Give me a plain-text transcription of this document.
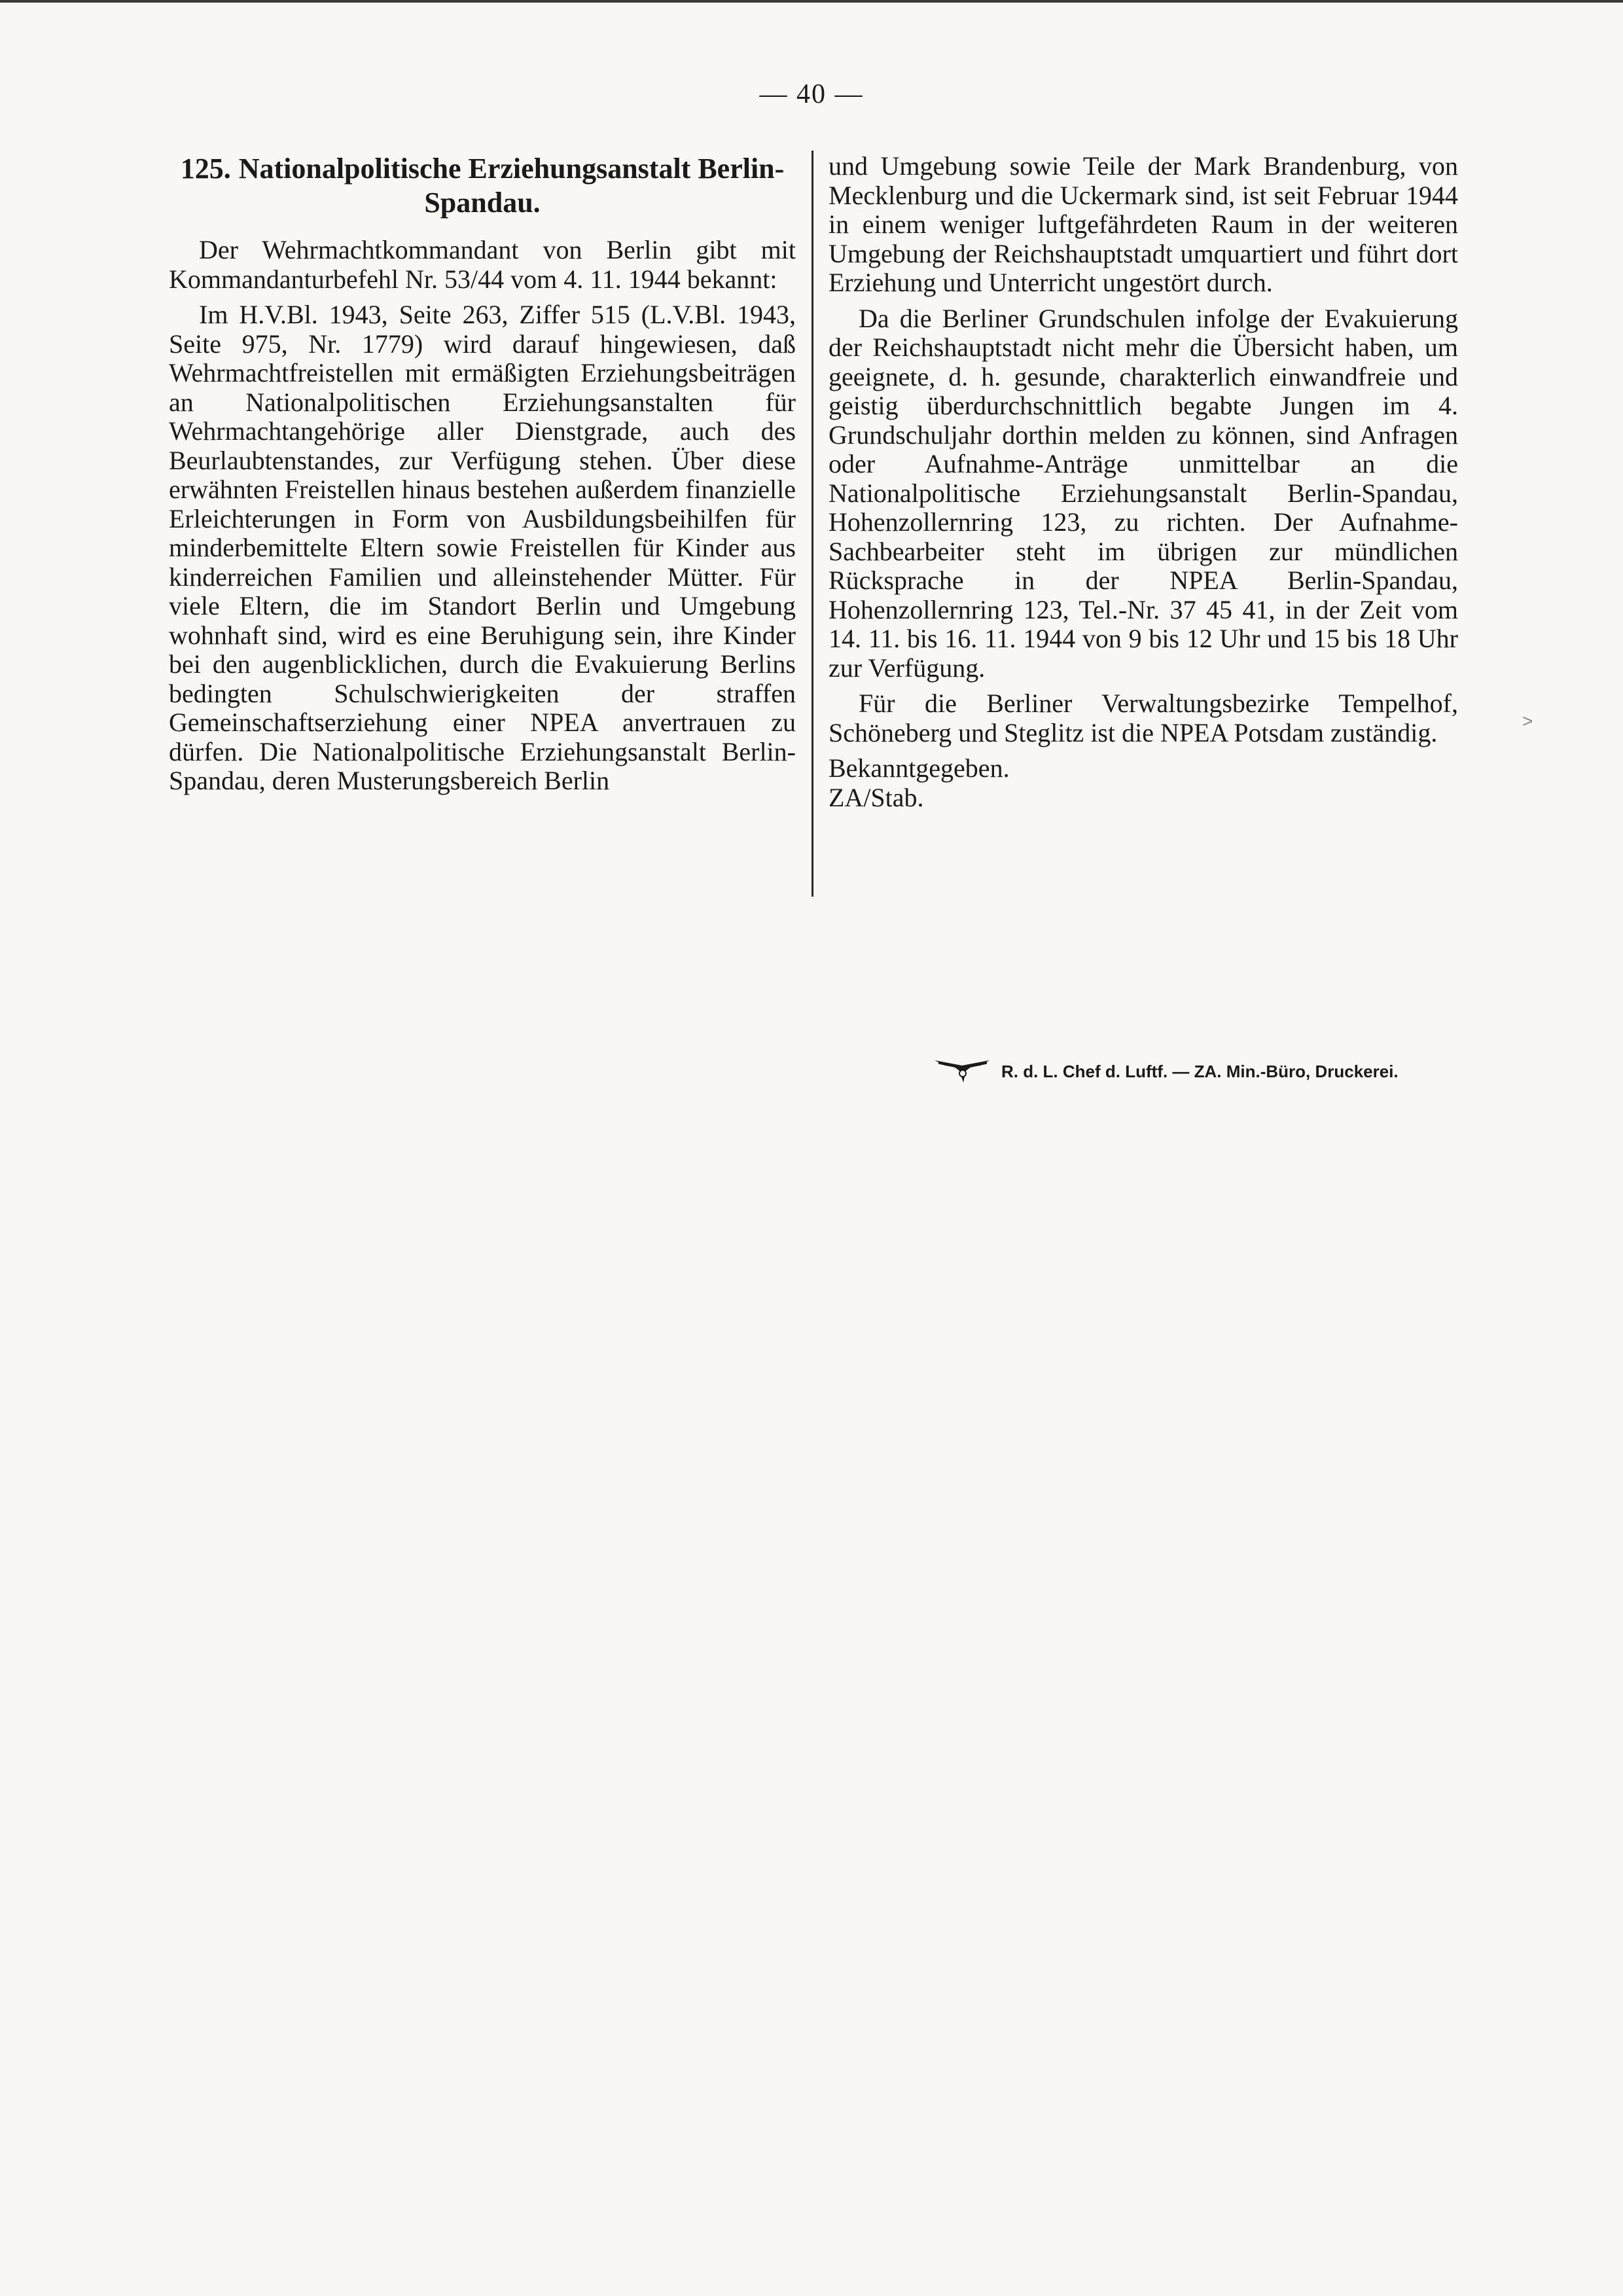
— 40 —
125. Nationalpolitische Erziehungsanstalt Berlin-Spandau.

Der Wehrmachtkommandant von Berlin gibt mit Kommandanturbefehl Nr. 53/44 vom 4. 11. 1944 bekannt:

Im H.V.Bl. 1943, Seite 263, Ziffer 515 (L.V.Bl. 1943, Seite 975, Nr. 1779) wird darauf hingewiesen, daß Wehrmachtfreistellen mit ermäßigten Erziehungsbeiträgen an Nationalpolitischen Erziehungsanstalten für Wehrmachtangehörige aller Dienstgrade, auch des Beurlaubtenstandes, zur Verfügung stehen. Über diese erwähnten Freistellen hinaus bestehen außerdem finanzielle Erleichterungen in Form von Ausbildungsbeihilfen für minderbemittelte Eltern sowie Freistellen für Kinder aus kinderreichen Familien und alleinstehender Mütter. Für viele Eltern, die im Standort Berlin und Umgebung wohnhaft sind, wird es eine Beruhigung sein, ihre Kinder bei den augenblicklichen, durch die Evakuierung Berlins bedingten Schulschwierigkeiten der straffen Gemeinschaftserziehung einer NPEA anvertrauen zu dürfen. Die Nationalpolitische Erziehungsanstalt Berlin-Spandau, deren Musterungsbereich Berlin

und Umgebung sowie Teile der Mark Brandenburg, von Mecklenburg und die Uckermark sind, ist seit Februar 1944 in einem weniger luftgefährdeten Raum in der weiteren Umgebung der Reichshauptstadt umquartiert und führt dort Erziehung und Unterricht ungestört durch.

Da die Berliner Grundschulen infolge der Evakuierung der Reichshauptstadt nicht mehr die Übersicht haben, um geeignete, d. h. gesunde, charakterlich einwandfreie und geistig überdurchschnittlich begabte Jungen im 4. Grundschuljahr dorthin melden zu können, sind Anfragen oder Aufnahme-Anträge unmittelbar an die Nationalpolitische Erziehungsanstalt Berlin-Spandau, Hohenzollernring 123, zu richten. Der Aufnahme-Sachbearbeiter steht im übrigen zur mündlichen Rücksprache in der NPEA Berlin-Spandau, Hohenzollernring 123, Tel.-Nr. 37 45 41, in der Zeit vom 14. 11. bis 16. 11. 1944 von 9 bis 12 Uhr und 15 bis 18 Uhr zur Verfügung.

Für die Berliner Verwaltungsbezirke Tempelhof, Schöneberg und Steglitz ist die NPEA Potsdam zuständig.

Bekanntgegeben.

ZA/Stab.

R. d. L. Chef d. Luftf. — ZA. Min.-Büro, Druckerei.
>
